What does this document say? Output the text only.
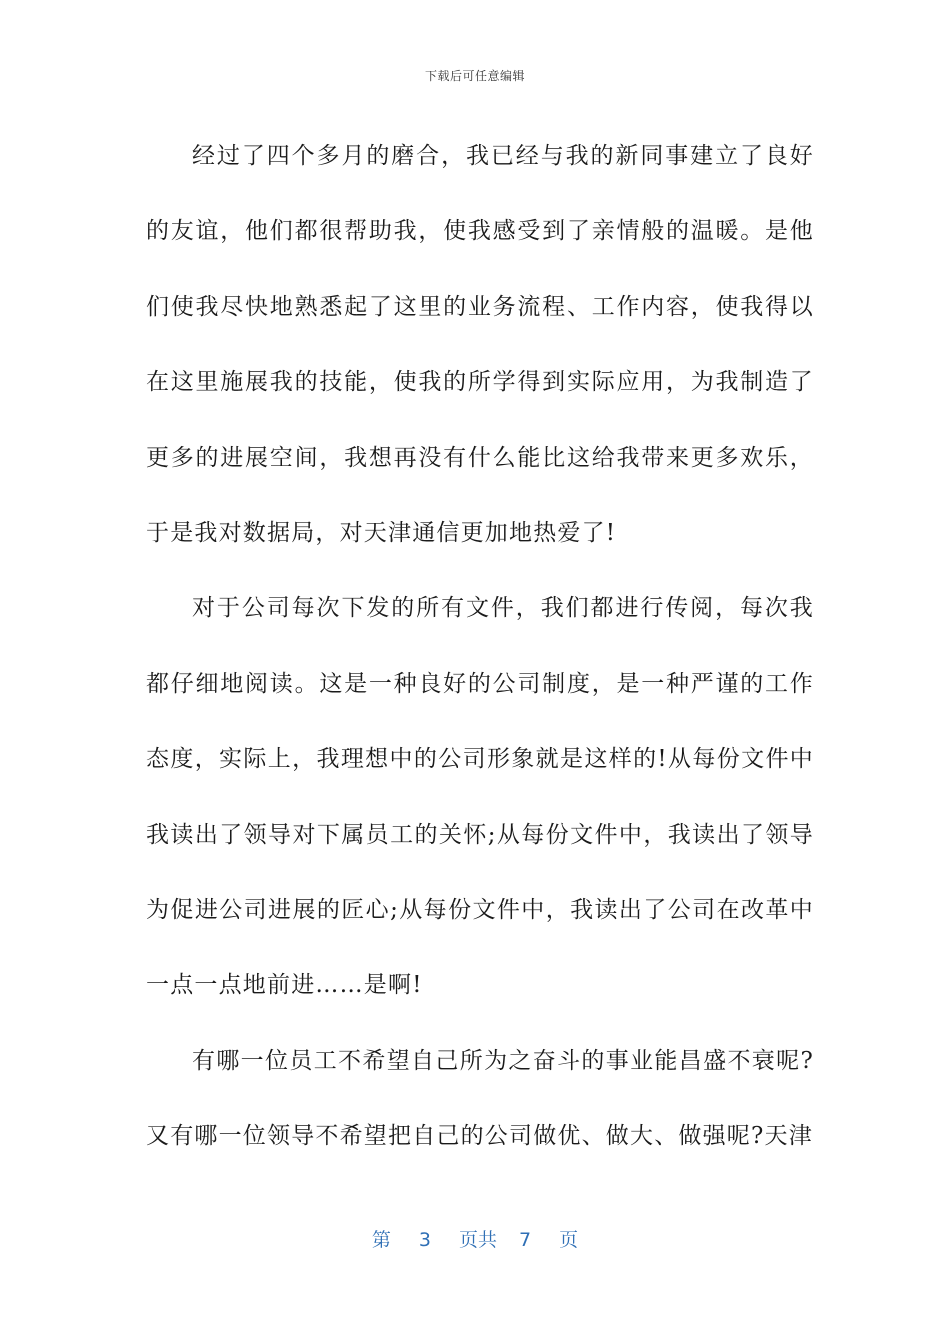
下载后可任意编辑

经过了四个多月的磨合，我已经与我的新同事建立了良好的友谊，他们都很帮助我，使我感受到了亲情般的温暖。是他们使我尽快地熟悉起了这里的业务流程、工作内容，使我得以在这里施展我的技能，使我的所学得到实际应用，为我制造了更多的进展空间，我想再没有什么能比这给我带来更多欢乐，于是我对数据局，对天津通信更加地热爱了!

对于公司每次下发的所有文件，我们都进行传阅，每次我都仔细地阅读。这是一种良好的公司制度，是一种严谨的工作态度，实际上，我理想中的公司形象就是这样的!从每份文件中我读出了领导对下属员工的关怀;从每份文件中，我读出了领导为促进公司进展的匠心;从每份文件中，我读出了公司在改革中一点一点地前进……是啊!

有哪一位员工不希望自己所为之奋斗的事业能昌盛不衰呢?又有哪一位领导不希望把自己的公司做优、做大、做强呢?天津

第 3 页共 7 页
